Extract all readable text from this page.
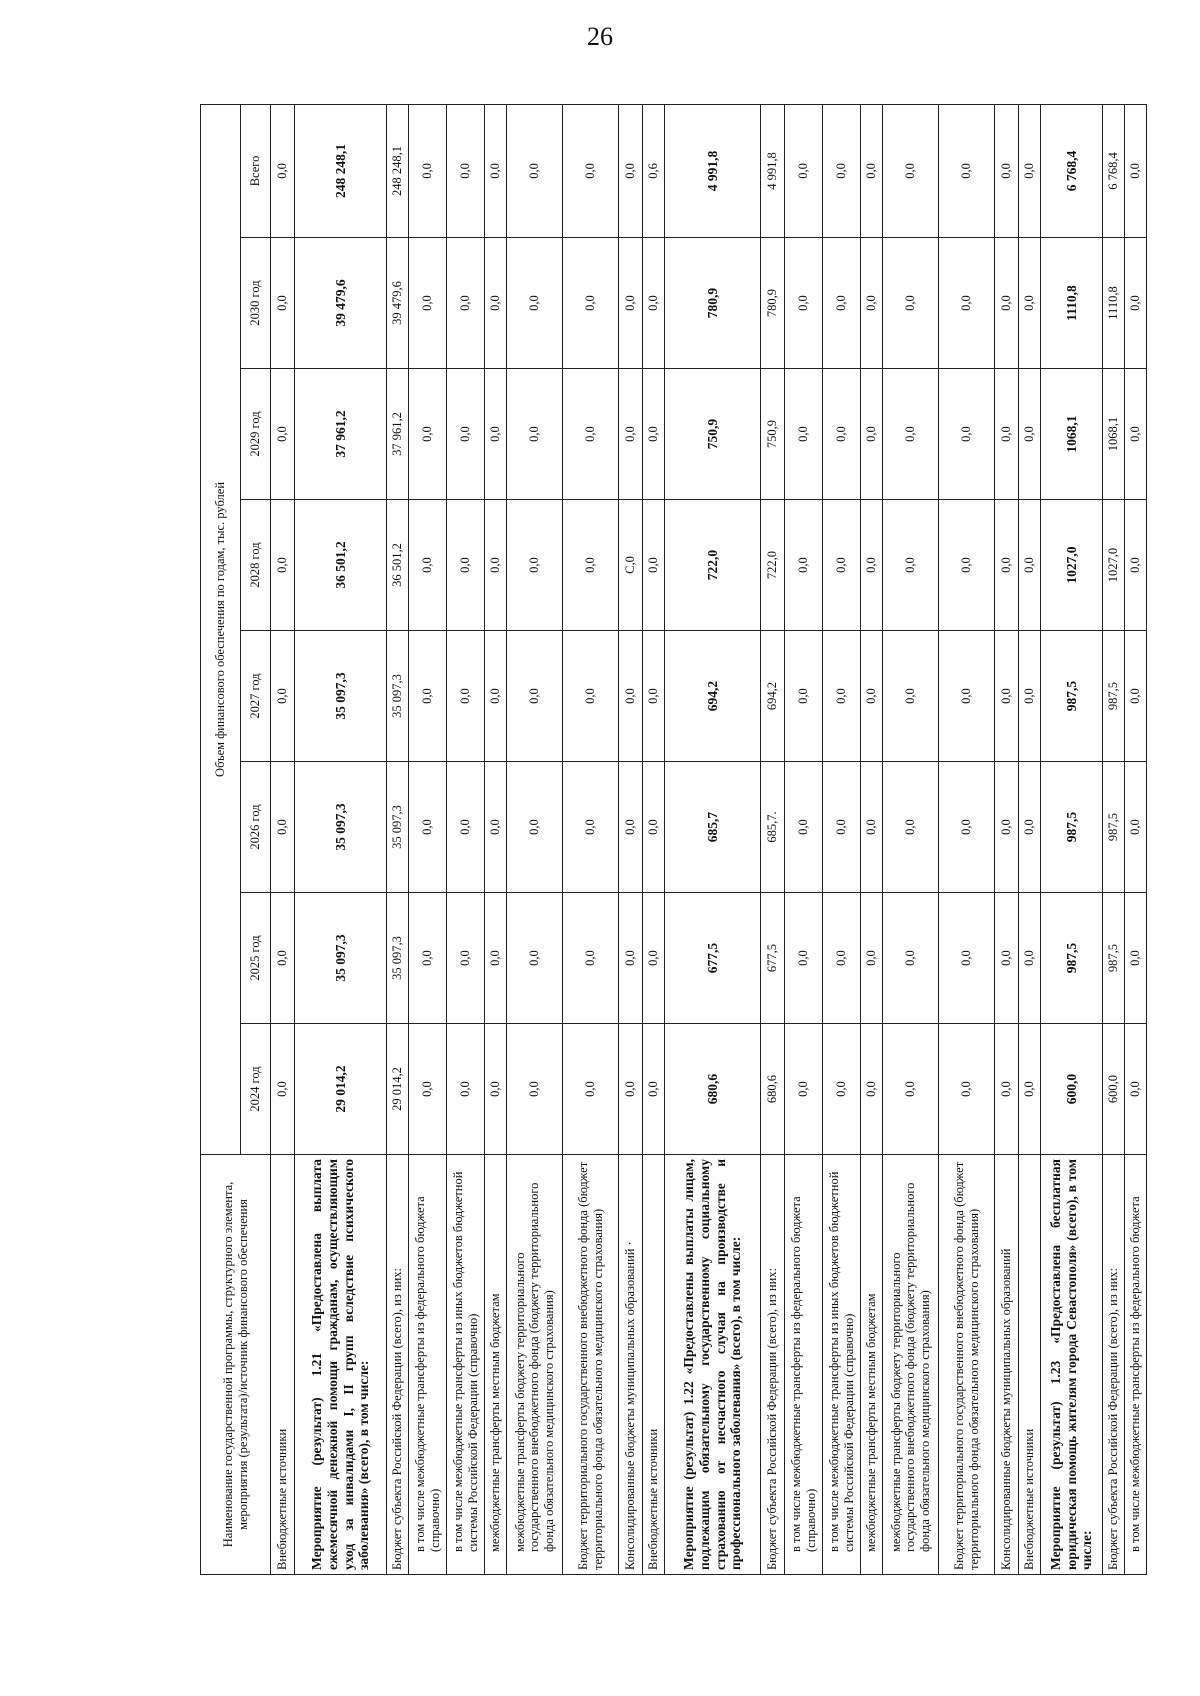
26
Наименование государственной программы, структурного элемента, мероприятия (результата)/источник финансового обеспечения	Объем финансового обеспечения по годам, тыс. рублей							
	2024 год	2025 год	2026 год	2027 год	2028 год	2029 год	2030 год	Всего
Внебюджетные источники	0,0	0,0	0,0	0,0	0,0	0,0	0,0	0,0
Мероприятие (результат) 1.21 «Предоставлена выплата ежемесячной денежной помощи гражданам, осуществляющим уход за инвалидами I, II групп вследствие психического заболевания» (всего), в том числе:	29 014,2	35 097,3	35 097,3	35 097,3	36 501,2	37 961,2	39 479,6	248 248,1
Бюджет субъекта Российской Федерации (всего), из них:	29 014,2	35 097,3	35 097,3	35 097,3	36 501,2	37 961,2	39 479,6	248 248,1
в том числе межбюджетные трансферты из федерального бюджета (справочно)	0,0	0,0	0,0	0,0	0,0	0,0	0,0	0,0
в том числе межбюджетные трансферты из иных бюджетов бюджетной системы Российской Федерации (справочно)	0,0	0,0	0,0	0,0	0,0	0,0	0,0	0,0
межбюджетные трансферты местным бюджетам	0,0	0,0	0,0	0,0	0,0	0,0	0,0	0,0
межбюджетные трансферты бюджету территориального государственного внебюджетного фонда (бюджету территориального фонда обязательного медицинского страхования)	0,0	0,0	0,0	0,0	0,0	0,0	0,0	0,0
Бюджет территориального государственного внебюджетного фонда (бюджет территориального фонда обязательного медицинского страхования)	0,0	0,0	0,0	0,0	0,0	0,0	0,0	0,0
Консолидированные бюджеты муниципальных образований ·	0,0	0,0	0,0	0,0	С,0	0,0	0,0	0,0
Внебюджетные источники	0,0	0,0	0,0	0,0	0,0	0,0	0,0	0,6
Мероприятие (результат) 1.22 «Предоставлены выплаты лицам, подлежащим обязательному государственному социальному страхованию от несчастного случая на производстве и профессионального заболевания» (всего), в том числе:	680,6	677,5	685,7	694,2	722,0	750,9	780,9	4 991,8
Бюджет субъекта Российской Федерации (всего), из них:	680,6	677,5	685,7.	694,2	722,0	750,9	780,9	4 991,8
в том числе межбюджетные трансферты из федерального бюджета (справочно)	0,0	0,0	0,0	0,0	0,0	0,0	0,0	0,0
в том числе межбюджетные трансферты из иных бюджетов бюджетной системы Российской Федерации (справочно)	0,0	0,0	0,0	0,0	0,0	0,0	0,0	0,0
межбюджетные трансферты местным бюджетам	0,0	0,0	0,0	0,0	0,0	0,0	0,0	0,0
межбюджетные трансферты бюджету территориального государственного внебюджетного фонда (бюджету территориального фонда обязательного медицинского страхования)	0,0	0,0	0,0	0,0	0,0	0,0	0,0	0,0
Бюджет территориального государственного внебюджетного фонда (бюджет территориального фонда обязательного медицинского страхования)	0,0	0,0	0,0	0,0	0,0	0,0	0,0	0,0
Консолидированные бюджеты муниципальных образований	0,0	0,0	0,0	0,0	0,0	0,0	0,0	0,0
Внебюджетные источники	0,0	0,0	0,0	0,0	0,0	0,0	0,0	0,0
Мероприятие (результат) 1.23 «Предоставлена бесплатная юридическая помощь жителям города Севастополя» (всего), в том числе:	600,0	987,5	987,5	987,5	1027,0	1068,1	1110,8	6 768,4
Бюджет субъекта Российской Федерации (всего), из них:	600,0	987,5	987,5	987,5	1027,0	1068,1	1110,8	6 768,4
в том числе межбюджетные трансферты из федерального бюджета	0,0	0,0	0,0	0,0	0,0	0,0	0,0	0,0
